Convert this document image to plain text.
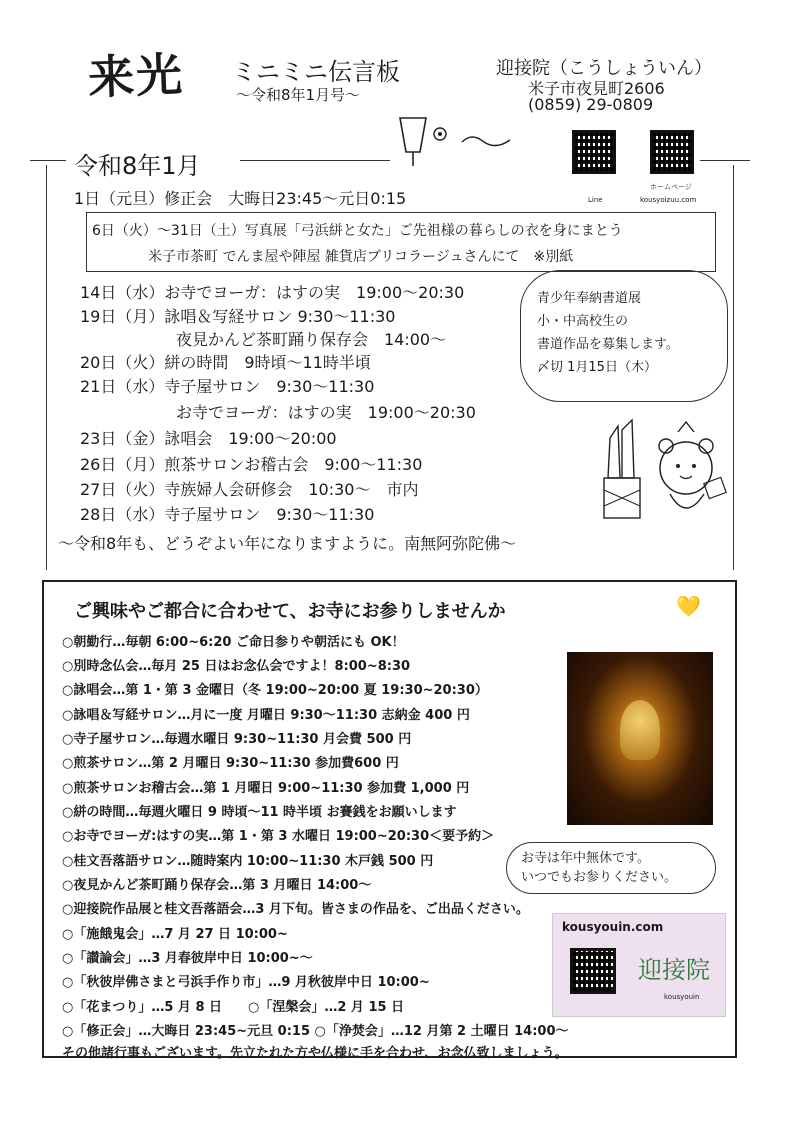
来光 ミニミニ伝言板
〜令和8年1月号〜
迎接院（こうしょういん）
米子市夜見町2606
(0859) 29-0809
Line
ホームページ
kousyoizuu.com
令和8年1月
1日（元旦）修正会　大晦日23:45〜元日0:15
6日（火）〜31日（土）写真展「弓浜絣と女た」ご先祖様の暮らしの衣を身にまとう
米子市茶町 でんま屋や陣屋 雑貨店ブリコラージュさんにて　※別紙
14日（水）お寺でヨーガ：はすの実　19:00〜20:30
19日（月）詠唱＆写経サロン 9:30〜11:30
夜見かんど茶町踊り保存会　14:00〜
20日（火）絣の時間　9時頃〜11時半頃
21日（水）寺子屋サロン　9:30〜11:30
お寺でヨーガ：はすの実　19:00〜20:30
23日（金）詠唱会　19:00〜20:00
26日（月）煎茶サロンお稽古会　9:00〜11:30
27日（火）寺族婦人会研修会　10:30〜　市内
28日（水）寺子屋サロン　9:30〜11:30
青少年奉納書道展
小・中高校生の
書道作品を募集します。
〆切 1月15日（木）
〜令和8年も、どうぞよい年になりますように。南無阿弥陀佛〜
ご興味やご都合に合わせて、お寺にお参りしませんか	💛
○朝勤行…毎朝 6:00~6:20 ご命日参りや朝活にも OK！
○別時念仏会…毎月 25 日はお念仏会ですよ！8:00~8:30
○詠唱会…第 1・第 3 金曜日（冬 19:00~20:00 夏 19:30~20:30）
○詠唱＆写経サロン…月に一度 月曜日 9:30～11:30 志納金 400 円
○寺子屋サロン…毎週水曜日 9:30~11:30 月会費 500 円
○煎茶サロン…第 2 月曜日 9:30~11:30 参加費600 円
○煎茶サロンお稽古会…第 1 月曜日 9:00~11:30 参加費 1,000 円
○絣の時間…毎週火曜日 9 時頃～11 時半頃 お賽銭をお願いします
○お寺でヨーガ:はすの実…第 1・第 3 水曜日 19:00~20:30＜要予約＞
○桂文吾落語サロン…随時案内 10:00~11:30 木戸銭 500 円
○夜見かんど茶町踊り保存会…第 3 月曜日 14:00～
○迎接院作品展と桂文吾落語会…3 月下旬。皆さまの作品を、ご出品ください。
○「施餓鬼会」…7 月 27 日 10:00~
○「讃論会」…3 月春彼岸中日 10:00~～
○「秋彼岸佛さまと弓浜手作り市」…9 月秋彼岸中日 10:00~
○「花まつり」…5 月 8 日　　○「涅槃会」…2 月 15 日
○「修正会」…大晦日 23:45~元旦 0:15 ○「浄焚会」…12 月第 2 土曜日 14:00～
その他諸行事もございます。先立たれた方や仏様に手を合わせ、お念仏致しましょう。
お寺は年中無休です。
いつでもお参りください。
kousyouin.com
迎接院
kousyouin
